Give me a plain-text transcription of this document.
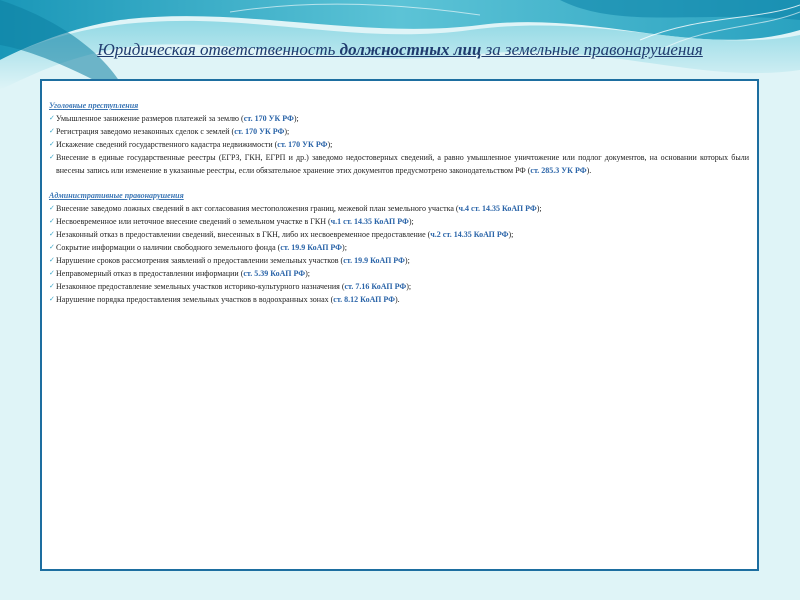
Юридическая ответственность должностных лиц за земельные правонарушения
Уголовные преступления
✓ Умышленное занижение размеров платежей за землю (ст. 170 УК РФ);
✓ Регистрация заведомо незаконных сделок с землей (ст. 170 УК РФ);
✓ Искажение сведений государственного кадастра недвижимости (ст. 170 УК РФ);
✓ Внесение в единые государственные реестры (ЕГРЗ, ГКН, ЕГРП и др.) заведомо недостоверных сведений, а равно умышленное уничтожение или подлог документов, на основании которых были внесены запись или изменение в указанные реестры, если обязательное хранение этих документов предусмотрено законодательством РФ (ст. 285.3 УК РФ).
Административные правонарушения
✓ Внесение заведомо ложных сведений в акт согласования местоположения границ, межевой план земельного участка (ч.4 ст. 14.35 КоАП РФ);
✓ Несвоевременное или неточное внесение сведений о земельном участке в ГКН (ч.1 ст. 14.35 КоАП РФ);
✓ Незаконный отказ в предоставлении сведений, внесенных в ГКН, либо их несвоевременное предоставление (ч.2 ст. 14.35 КоАП РФ);
✓ Сокрытие информации о наличии свободного земельного фонда (ст. 19.9 КоАП РФ);
✓ Нарушение сроков рассмотрения заявлений о предоставлении земельных участков (ст. 19.9 КоАП РФ);
✓ Неправомерный отказ в предоставлении информации (ст. 5.39 КоАП РФ);
✓ Незаконное предоставление земельных участков историко-культурного назначения (ст. 7.16 КоАП РФ);
✓ Нарушение порядка предоставления земельных участков в водоохранных зонах (ст. 8.12 КоАП РФ).
